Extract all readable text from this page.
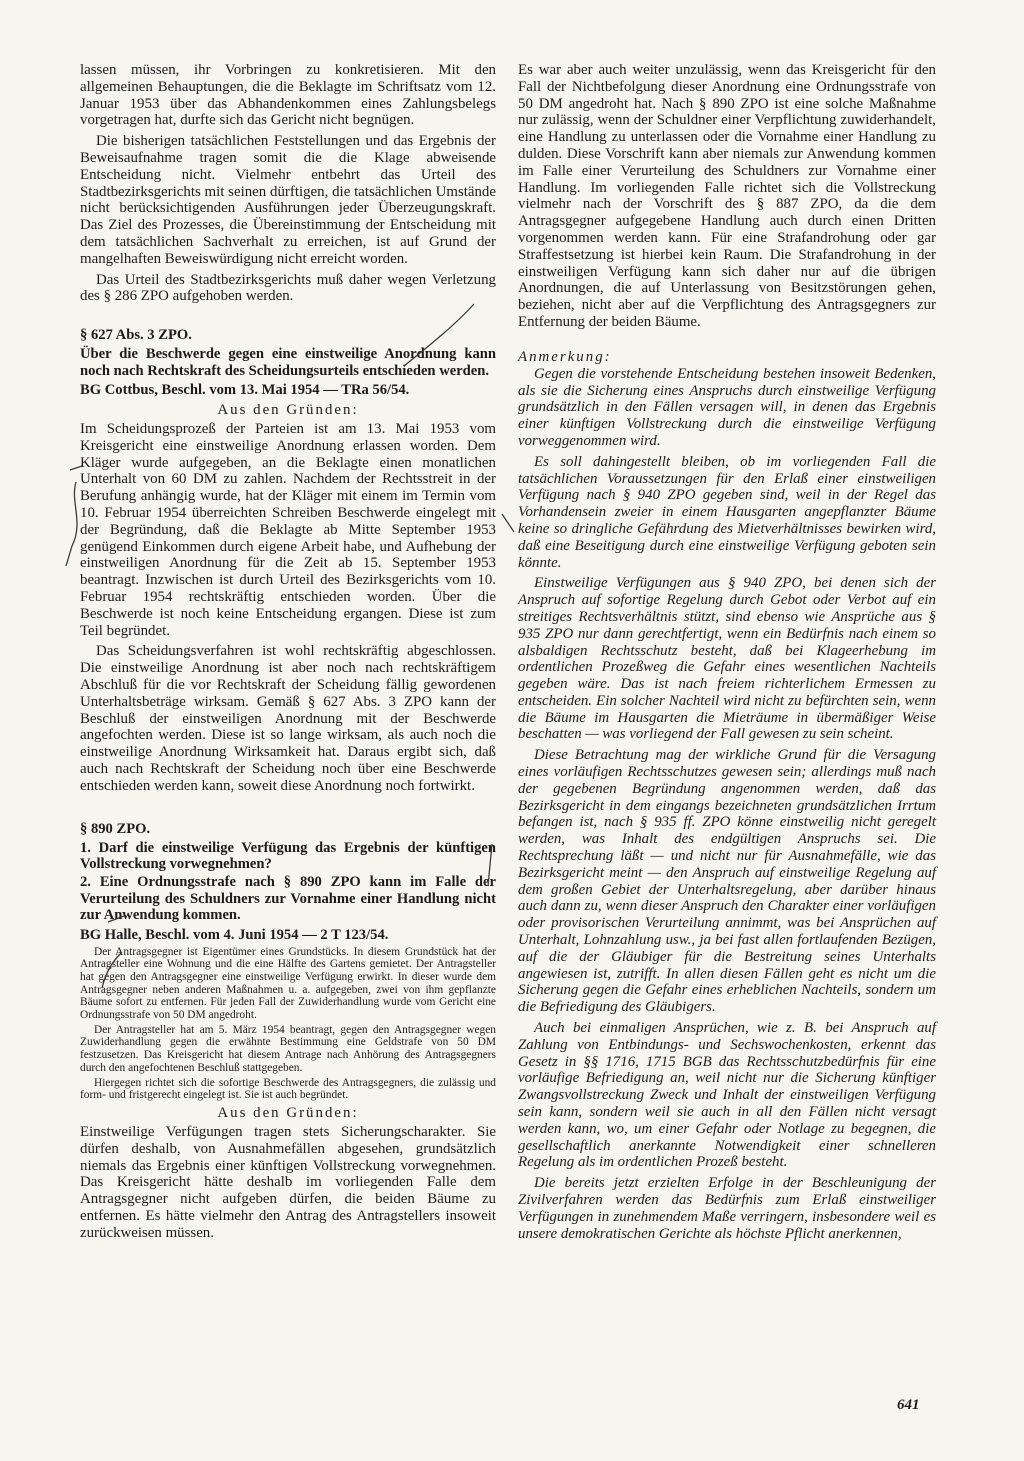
lassen müssen, ihr Vorbringen zu konkretisieren. Mit den allgemeinen Behauptungen, die die Beklagte im Schriftsatz vom 12. Januar 1953 über das Abhandenkommen eines Zahlungsbelegs vorgetragen hat, durfte sich das Gericht nicht begnügen.

Die bisherigen tatsächlichen Feststellungen und das Ergebnis der Beweisaufnahme tragen somit die die Klage abweisende Entscheidung nicht. Vielmehr entbehrt das Urteil des Stadtbezirksgerichts mit seinen dürftigen, die tatsächlichen Umstände nicht berücksichtigenden Ausführungen jeder Überzeugungskraft. Das Ziel des Prozesses, die Übereinstimmung der Entscheidung mit dem tatsächlichen Sachverhalt zu erreichen, ist auf Grund der mangelhaften Beweiswürdigung nicht erreicht worden.

Das Urteil des Stadtbezirksgerichts muß daher wegen Verletzung des § 286 ZPO aufgehoben werden.

§ 627 Abs. 3 ZPO.

Über die Beschwerde gegen eine einstweilige Anordnung kann noch nach Rechtskraft des Scheidungsurteils entschieden werden.

BG Cottbus, Beschl. vom 13. Mai 1954 — TRa 56/54.

Aus den Gründen:

Im Scheidungsprozeß der Parteien ist am 13. Mai 1953 vom Kreisgericht eine einstweilige Anordnung erlassen worden. Dem Kläger wurde aufgegeben, an die Beklagte einen monatlichen Unterhalt von 60 DM zu zahlen. Nachdem der Rechtsstreit in der Berufung anhängig wurde, hat der Kläger mit einem im Termin vom 10. Februar 1954 überreichten Schreiben Beschwerde eingelegt mit der Begründung, daß die Beklagte ab Mitte September 1953 genügend Einkommen durch eigene Arbeit habe, und Aufhebung der einstweiligen Anordnung für die Zeit ab 15. September 1953 beantragt. Inzwischen ist durch Urteil des Bezirksgerichts vom 10. Februar 1954 rechtskräftig entschieden worden. Über die Beschwerde ist noch keine Entscheidung ergangen. Diese ist zum Teil begründet.

Das Scheidungsverfahren ist wohl rechtskräftig abgeschlossen. Die einstweilige Anordnung ist aber noch nach rechtskräftigem Abschluß für die vor Rechtskraft der Scheidung fällig gewordenen Unterhaltsbeträge wirksam. Gemäß § 627 Abs. 3 ZPO kann der Beschluß der einstweiligen Anordnung mit der Beschwerde angefochten werden. Diese ist so lange wirksam, als auch noch die einstweilige Anordnung Wirksamkeit hat. Daraus ergibt sich, daß auch nach Rechtskraft der Scheidung noch über eine Beschwerde entschieden werden kann, soweit diese Anordnung noch fortwirkt.

§ 890 ZPO.

1. Darf die einstweilige Verfügung das Ergebnis der künftigen Vollstreckung vorwegnehmen?

2. Eine Ordnungsstrafe nach § 890 ZPO kann im Falle der Verurteilung des Schuldners zur Vornahme einer Handlung nicht zur Anwendung kommen.

BG Halle, Beschl. vom 4. Juni 1954 — 2 T 123/54.

Der Antragsgegner ist Eigentümer eines Grundstücks. In diesem Grundstück hat der Antragsteller eine Wohnung und die eine Hälfte des Gartens gemietet. Der Antragsteller hat gegen den Antragsgegner eine einstweilige Verfügung erwirkt. In dieser wurde dem Antragsgegner neben anderen Maßnahmen u. a. aufgegeben, zwei von ihm gepflanzte Bäume sofort zu entfernen. Für jeden Fall der Zuwiderhandlung wurde vom Gericht eine Ordnungsstrafe von 50 DM angedroht.

Der Antragsteller hat am 5. März 1954 beantragt, gegen den Antragsgegner wegen Zuwiderhandlung gegen die erwähnte Bestimmung eine Geldstrafe von 50 DM festzusetzen. Das Kreisgericht hat diesem Antrage nach Anhörung des Antragsgegners durch den angefochtenen Beschluß stattgegeben.

Hiergegen richtet sich die sofortige Beschwerde des Antragsgegners, die zulässig und form- und fristgerecht eingelegt ist. Sie ist auch begründet.

Aus den Gründen:

Einstweilige Verfügungen tragen stets Sicherungscharakter. Sie dürfen deshalb, von Ausnahmefällen abgesehen, grundsätzlich niemals das Ergebnis einer künftigen Vollstreckung vorwegnehmen. Das Kreisgericht hätte deshalb im vorliegenden Falle dem Antragsgegner nicht aufgeben dürfen, die beiden Bäume zu entfernen. Es hätte vielmehr den Antrag des Antragstellers insoweit zurückweisen müssen.

Es war aber auch weiter unzulässig, wenn das Kreisgericht für den Fall der Nichtbefolgung dieser Anordnung eine Ordnungsstrafe von 50 DM angedroht hat. Nach § 890 ZPO ist eine solche Maßnahme nur zulässig, wenn der Schuldner einer Verpflichtung zuwiderhandelt, eine Handlung zu unterlassen oder die Vornahme einer Handlung zu dulden. Diese Vorschrift kann aber niemals zur Anwendung kommen im Falle einer Verurteilung des Schuldners zur Vornahme einer Handlung. Im vorliegenden Falle richtet sich die Vollstreckung vielmehr nach der Vorschrift des § 887 ZPO, da die dem Antragsgegner aufgegebene Handlung auch durch einen Dritten vorgenommen werden kann. Für eine Strafandrohung oder gar Straffestsetzung ist hierbei kein Raum. Die Strafandrohung in der einstweiligen Verfügung kann sich daher nur auf die übrigen Anordnungen, die auf Unterlassung von Besitzstörungen gehen, beziehen, nicht aber auf die Verpflichtung des Antragsgegners zur Entfernung der beiden Bäume.

Anmerkung:

Gegen die vorstehende Entscheidung bestehen insoweit Bedenken, als sie die Sicherung eines Anspruchs durch einstweilige Verfügung grundsätzlich in den Fällen versagen will, in denen das Ergebnis einer künftigen Vollstreckung durch die einstweilige Verfügung vorweggenommen wird.

Es soll dahingestellt bleiben, ob im vorliegenden Fall die tatsächlichen Voraussetzungen für den Erlaß einer einstweiligen Verfügung nach § 940 ZPO gegeben sind, weil in der Regel das Vorhandensein zweier in einem Hausgarten angepflanzter Bäume keine so dringliche Gefährdung des Mietverhältnisses bewirken wird, daß eine Beseitigung durch eine einstweilige Verfügung geboten sein könnte.

Einstweilige Verfügungen aus § 940 ZPO, bei denen sich der Anspruch auf sofortige Regelung durch Gebot oder Verbot auf ein streitiges Rechtsverhältnis stützt, sind ebenso wie Ansprüche aus § 935 ZPO nur dann gerechtfertigt, wenn ein Bedürfnis nach einem so alsbaldigen Rechtsschutz besteht, daß bei Klageerhebung im ordentlichen Prozeßweg die Gefahr eines wesentlichen Nachteils gegeben wäre. Das ist nach freiem richterlichem Ermessen zu entscheiden. Ein solcher Nachteil wird nicht zu befürchten sein, wenn die Bäume im Hausgarten die Mieträume in übermäßiger Weise beschatten — was vorliegend der Fall gewesen zu sein scheint.

Diese Betrachtung mag der wirkliche Grund für die Versagung eines vorläufigen Rechtsschutzes gewesen sein; allerdings muß nach der gegebenen Begründung angenommen werden, daß das Bezirksgericht in dem eingangs bezeichneten grundsätzlichen Irrtum befangen ist, nach § 935 ff. ZPO könne einstweilig nicht geregelt werden, was Inhalt des endgültigen Anspruchs sei. Die Rechtsprechung läßt — und nicht nur für Ausnahmefälle, wie das Bezirksgericht meint — den Anspruch auf einstweilige Regelung auf dem großen Gebiet der Unterhaltsregelung, aber darüber hinaus auch dann zu, wenn dieser Anspruch den Charakter einer vorläufigen oder provisorischen Verurteilung annimmt, was bei Ansprüchen auf Unterhalt, Lohnzahlung usw., ja bei fast allen fortlaufenden Bezügen, auf die der Gläubiger für die Bestreitung seines Unterhalts angewiesen ist, zutrifft. In allen diesen Fällen geht es nicht um die Sicherung gegen die Gefahr eines erheblichen Nachteils, sondern um die Befriedigung des Gläubigers.

Auch bei einmaligen Ansprüchen, wie z. B. bei Anspruch auf Zahlung von Entbindungs- und Sechswochenkosten, erkennt das Gesetz in §§ 1716, 1715 BGB das Rechtsschutzbedürfnis für eine vorläufige Befriedigung an, weil nicht nur die Sicherung künftiger Zwangsvollstreckung Zweck und Inhalt der einstweiligen Verfügung sein kann, sondern weil sie auch in all den Fällen nicht versagt werden kann, wo, um einer Gefahr oder Notlage zu begegnen, die gesellschaftlich anerkannte Notwendigkeit einer schnelleren Regelung als im ordentlichen Prozeß besteht.

Die bereits jetzt erzielten Erfolge in der Beschleunigung der Zivilverfahren werden das Bedürfnis zum Erlaß einstweiliger Verfügungen in zunehmendem Maße verringern, insbesondere weil es unsere demokratischen Gerichte als höchste Pflicht anerkennen,

641
